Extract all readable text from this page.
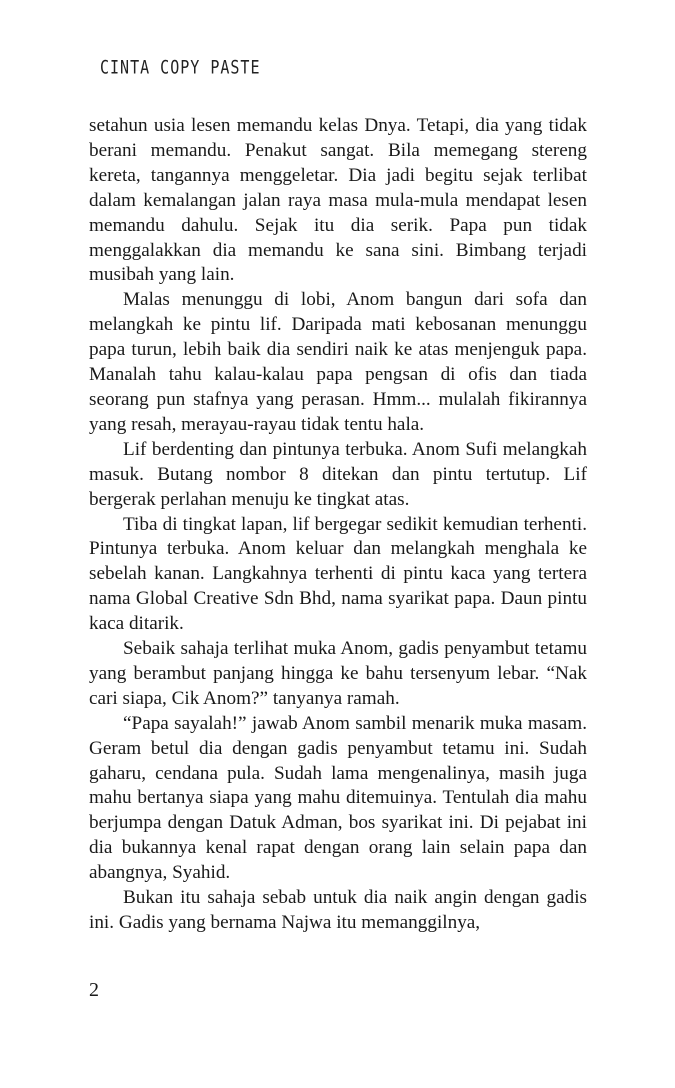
CINTA COPY PASTE

setahun usia lesen memandu kelas Dnya. Tetapi, dia yang tidak berani memandu. Penakut sangat. Bila memegang stereng kereta, tangannya menggeletar. Dia jadi begitu sejak terlibat dalam kemalangan jalan raya masa mula-mula mendapat lesen memandu dahulu. Sejak itu dia serik. Papa pun tidak menggalakkan dia memandu ke sana sini. Bimbang terjadi musibah yang lain.

Malas menunggu di lobi, Anom bangun dari sofa dan melangkah ke pintu lif. Daripada mati kebosanan menunggu papa turun, lebih baik dia sendiri naik ke atas menjenguk papa. Manalah tahu kalau-kalau papa pengsan di ofis dan tiada seorang pun stafnya yang perasan. Hmm... mulalah fikirannya yang resah, merayau-rayau tidak tentu hala.

Lif berdenting dan pintunya terbuka. Anom Sufi melangkah masuk. Butang nombor 8 ditekan dan pintu tertutup. Lif bergerak perlahan menuju ke tingkat atas.

Tiba di tingkat lapan, lif bergegar sedikit kemudian terhenti. Pintunya terbuka. Anom keluar dan melangkah menghala ke sebelah kanan. Langkahnya terhenti di pintu kaca yang tertera nama Global Creative Sdn Bhd, nama syarikat papa. Daun pintu kaca ditarik.

Sebaik sahaja terlihat muka Anom, gadis penyambut tetamu yang berambut panjang hingga ke bahu tersenyum lebar. “Nak cari siapa, Cik Anom?” tanyanya ramah.

“Papa sayalah!” jawab Anom sambil menarik muka masam. Geram betul dia dengan gadis penyambut tetamu ini. Sudah gaharu, cendana pula. Sudah lama mengenalinya, masih juga mahu bertanya siapa yang mahu ditemuinya. Tentulah dia mahu berjumpa dengan Datuk Adman, bos syarikat ini. Di pejabat ini dia bukannya kenal rapat dengan orang lain selain papa dan abangnya, Syahid.

Bukan itu sahaja sebab untuk dia naik angin dengan gadis ini. Gadis yang bernama Najwa itu memanggilnya,

2
